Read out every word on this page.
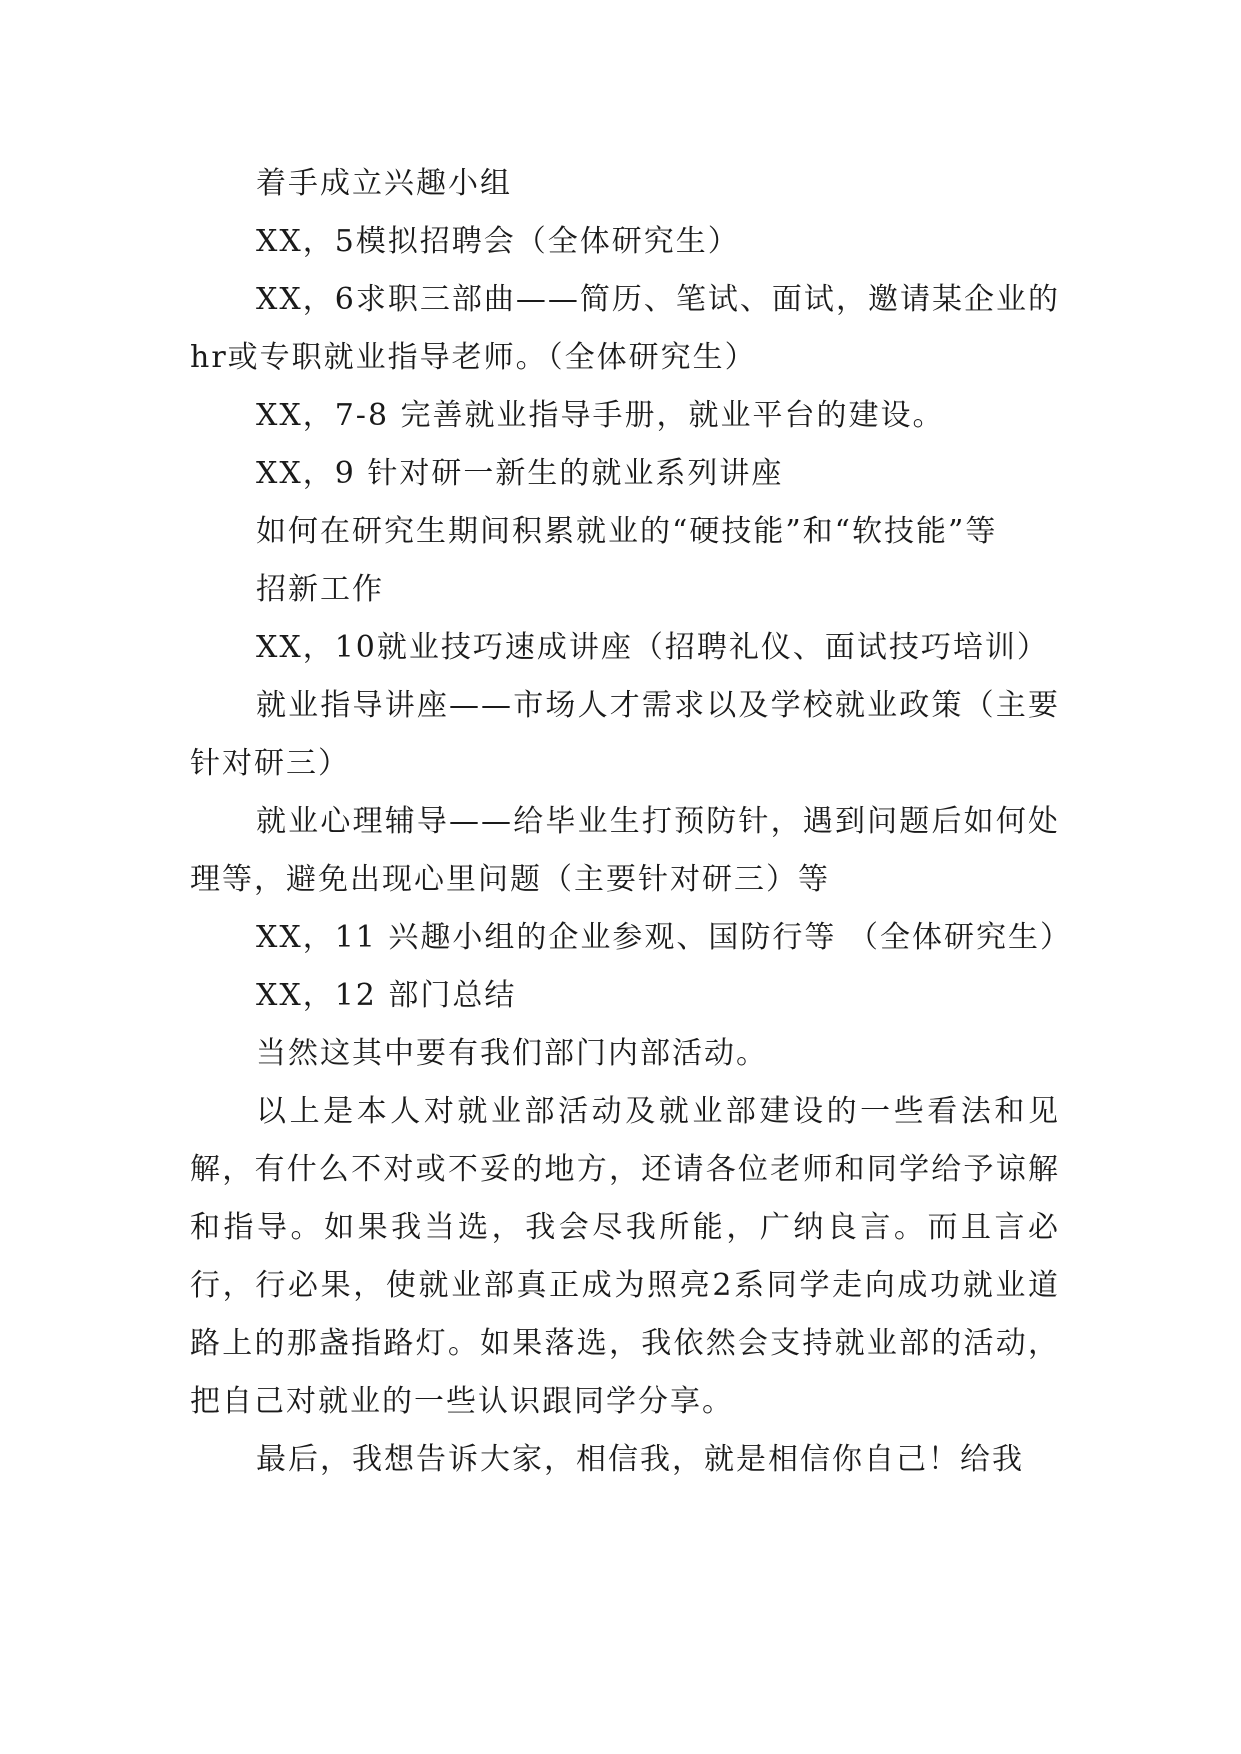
着手成立兴趣小组

XX，5模拟招聘会（全体研究生）

XX，6求职三部曲——简历、笔试、面试，邀请某企业的hr或专职就业指导老师。（全体研究生）

XX，7-8 完善就业指导手册，就业平台的建设。

XX，9 针对研一新生的就业系列讲座

如何在研究生期间积累就业的“硬技能”和“软技能”等

招新工作

XX，10就业技巧速成讲座（招聘礼仪、面试技巧培训）

就业指导讲座——市场人才需求以及学校就业政策（主要针对研三）

就业心理辅导——给毕业生打预防针，遇到问题后如何处理等，避免出现心里问题（主要针对研三）等

XX，11 兴趣小组的企业参观、国防行等 （全体研究生）

XX，12 部门总结

当然这其中要有我们部门内部活动。

以上是本人对就业部活动及就业部建设的一些看法和见解，有什么不对或不妥的地方，还请各位老师和同学给予谅解和指导。如果我当选，我会尽我所能，广纳良言。而且言必行，行必果，使就业部真正成为照亮2系同学走向成功就业道路上的那盏指路灯。如果落选，我依然会支持就业部的活动，把自己对就业的一些认识跟同学分享。

最后，我想告诉大家，相信我，就是相信你自己！给我
